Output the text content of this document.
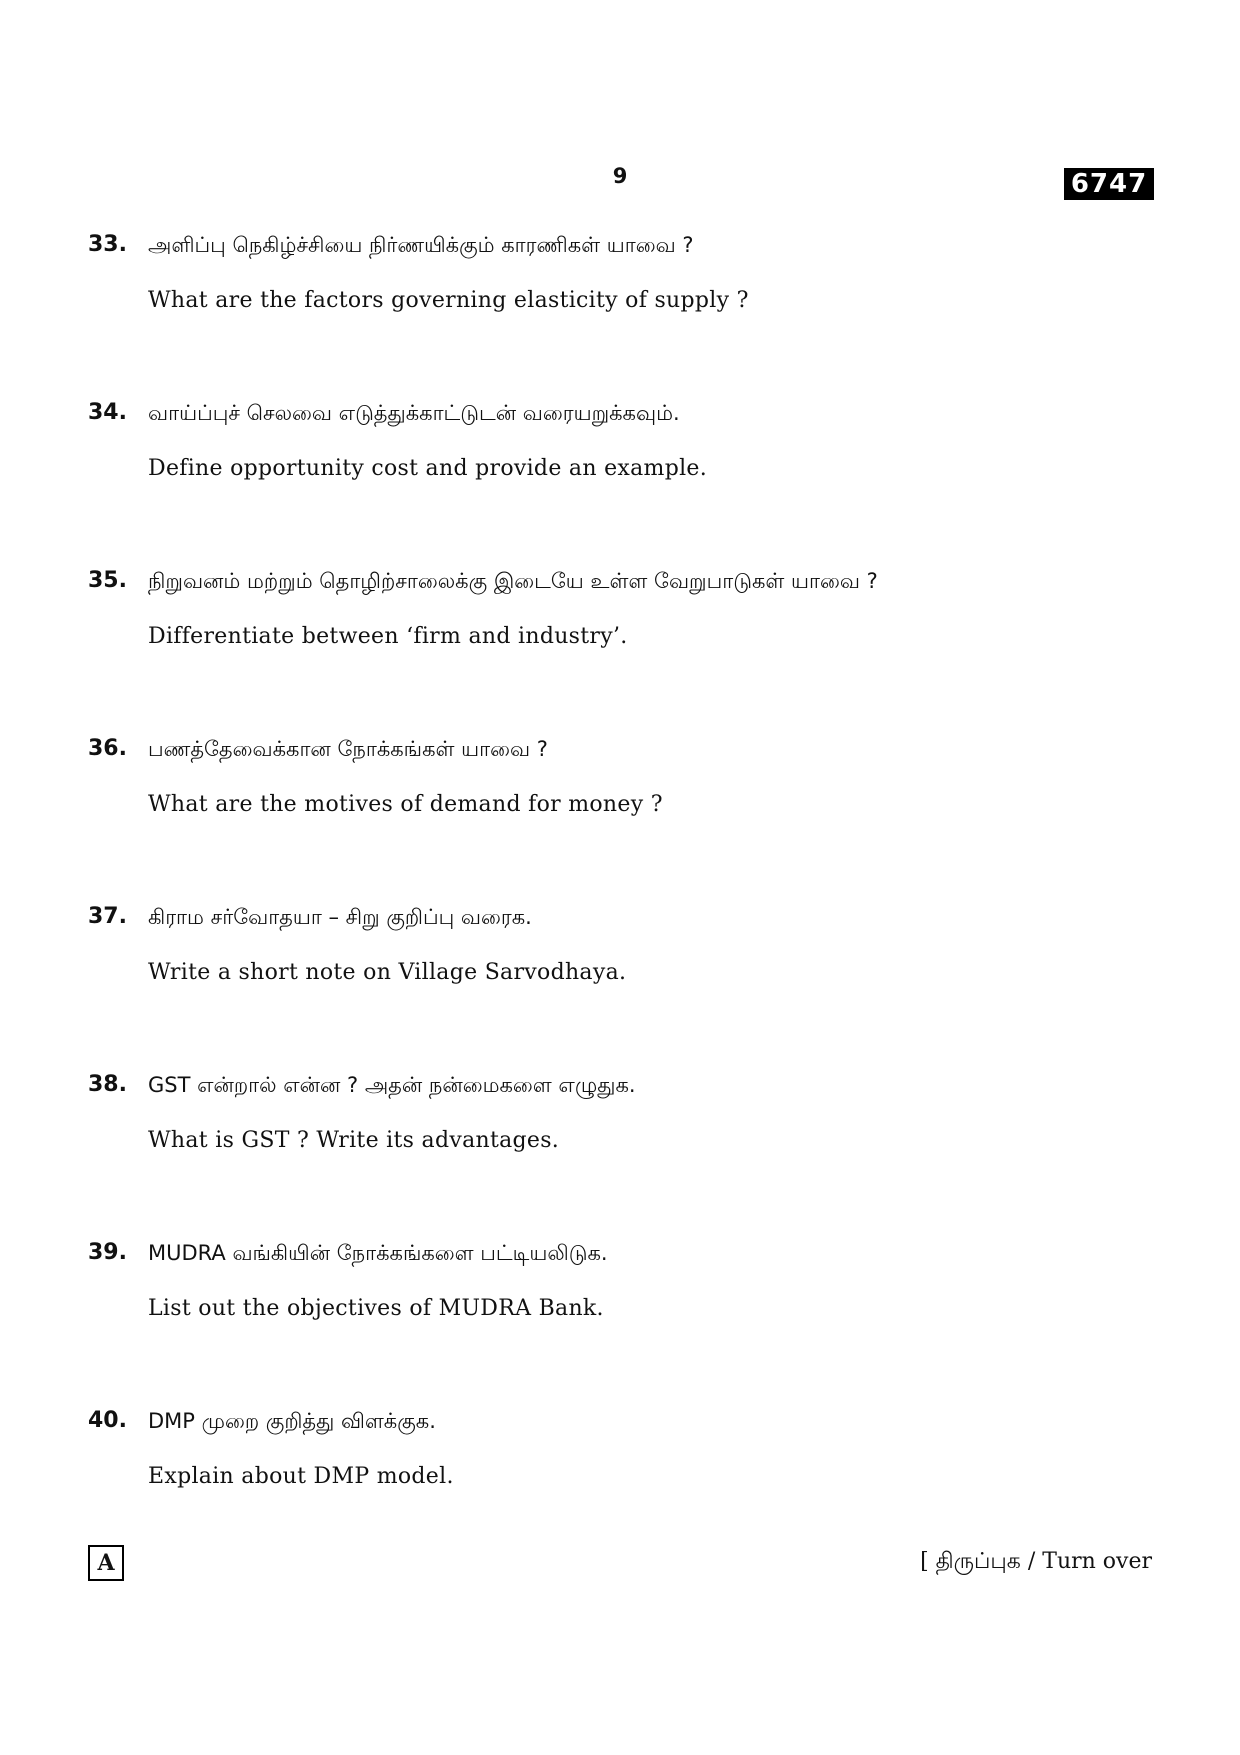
9	6747
33. அளிப்பு நெகிழ்ச்சியை நிர்ணயிக்கும் காரணிகள் யாவை ?
What are the factors governing elasticity of supply ?
34. வாய்ப்புச் செலவை எடுத்துக்காட்டுடன் வரையறுக்கவும்.
Define opportunity cost and provide an example.
35. நிறுவனம் மற்றும் தொழிற்சாலைக்கு இடையே உள்ள வேறுபாடுகள் யாவை ?
Differentiate between ‘firm and industry’.
36. பணத்தேவைக்கான நோக்கங்கள் யாவை ?
What are the motives of demand for money ?
37. கிராம சர்வோதயா – சிறு குறிப்பு வரைக.
Write a short note on Village Sarvodhaya.
38. GST என்றால் என்ன ? அதன் நன்மைகளை எழுதுக.
What is GST ? Write its advantages.
39. MUDRA வங்கியின் நோக்கங்களை பட்டியலிடுக.
List out the objectives of MUDRA Bank.
40. DMP முறை குறித்து விளக்குக.
Explain about DMP model.
A	[ திருப்புக / Turn over
